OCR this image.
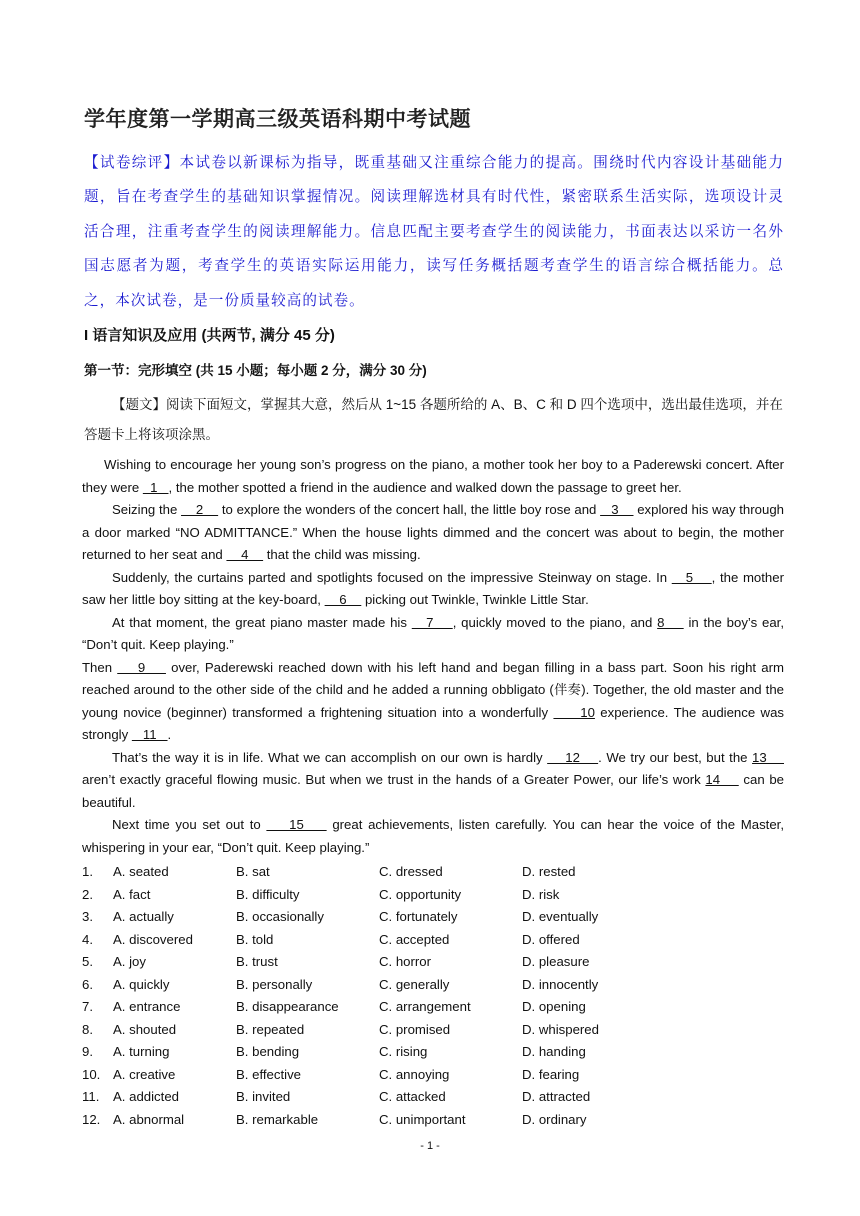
学年度第一学期高三级英语科期中考试题
【试卷综评】本试卷以新课标为指导，既重基础又注重综合能力的提高。围绕时代内容设计基础能力题，旨在考查学生的基础知识掌握情况。阅读理解选材具有时代性，紧密联系生活实际，选项设计灵活合理，注重考查学生的阅读理解能力。信息匹配主要考查学生的阅读能力，书面表达以采访一名外国志愿者为题，考查学生的英语实际运用能力，读写任务概括题考查学生的语言综合概括能力。总之，本次试卷，是一份质量较高的试卷。
I 语言知识及应用 (共两节, 满分 45 分)
第一节：完形填空 (共 15 小题；每小题 2 分，满分 30 分)
【题文】阅读下面短文，掌握其大意，然后从 1~15 各题所给的 A、B、C 和 D 四个选项中，选出最佳选项，并在答题卡上将该项涂黑。

Wishing to encourage her young son’s progress on the piano, a mother took her boy to a Paderewski concert. After they were   1   , the mother spotted a friend in the audience and walked down the passage to greet her.

Seizing the     2     to explore the wonders of the concert hall, the little boy rose and    3     explored his way through a door marked “NO ADMITTANCE.” When the house lights dimmed and the concert was about to begin, the mother returned to her seat and     4     that the child was missing.

Suddenly, the curtains parted and spotlights focused on the impressive Steinway on stage. In    5    , the mother saw her little boy sitting at the key-board,     6     picking out Twinkle, Twinkle Little Star.

At that moment, the great piano master made his    7    , quickly moved to the piano, and 8     in the boy’s ear, “Don’t quit. Keep playing.”

Then     9     over, Paderewski reached down with his left hand and began filling in a bass part. Soon his right arm reached around to the other side of the child and he added a running obbligato (伴奏). Together, the old master and the young novice (beginner) transformed a frightening situation into a wonderfully      10 experience. The audience was strongly    11   .

That’s the way it is in life. What we can accomplish on our own is hardly     12    . We try our best, but the 13     aren’t exactly graceful flowing music. But when we trust in the hands of a Greater Power, our life’s work 14     can be beautiful.

Next time you set out to     15     great achievements, listen carefully. You can hear the voice of the Master, whispering in your ear, “Don’t quit. Keep playing.”

1. A. seated	B. sat	C. dressed	D. rested
2. A. fact	B. difficulty	C. opportunity	D. risk
3. A. actually	B. occasionally	C. fortunately	D. eventually
4. A. discovered	B. told	C. accepted	D. offered
5. A. joy	B. trust	C. horror	D. pleasure
6. A. quickly	B. personally	C. generally	D. innocently
7. A. entrance	B. disappearance	C. arrangement	D. opening
8. A. shouted	B. repeated	C. promised	D. whispered
9. A. turning	B. bending	C. rising	D. handing
10. A. creative	B. effective	C. annoying	D. fearing
11. A. addicted	B. invited	C. attacked	D. attracted
12. A. abnormal	B. remarkable	C. unimportant	D. ordinary
- 1 -
